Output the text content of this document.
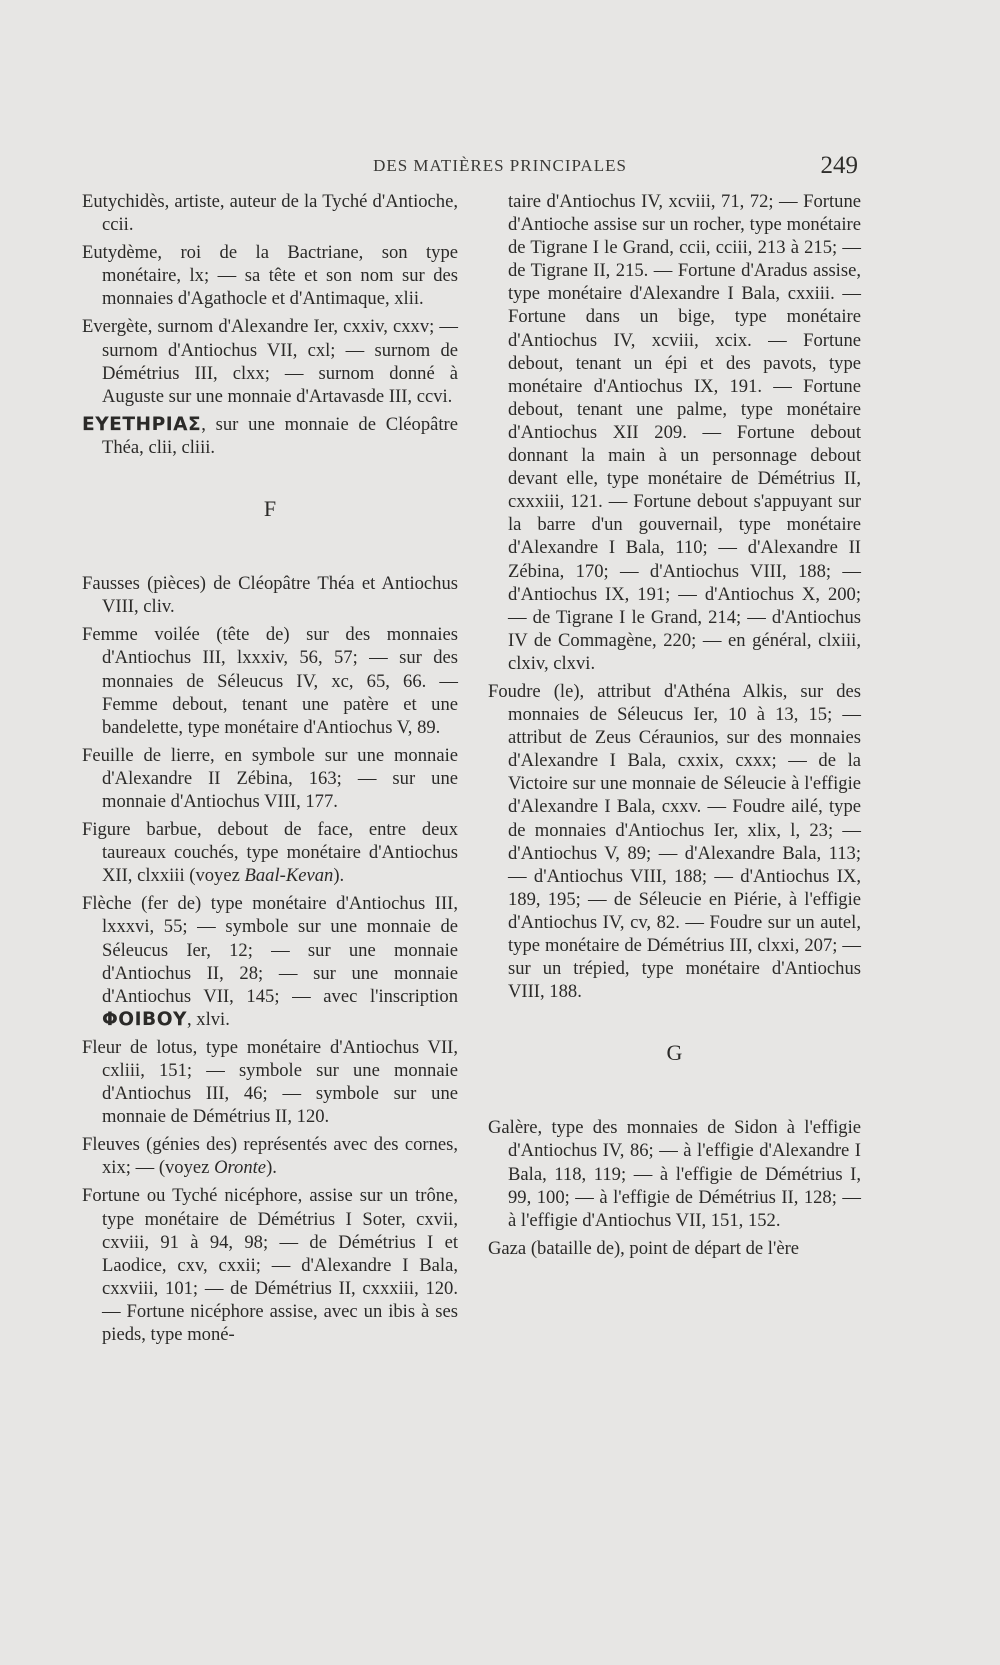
DES MATIÈRES PRINCIPALES	249

Eutychidès, artiste, auteur de la Tyché d'Antioche, ccii.

Eutydème, roi de la Bactriane, son type monétaire, lx; — sa tête et son nom sur des monnaies d'Agathocle et d'Antimaque, xlii.

Evergète, surnom d'Alexandre Ier, cxxiv, cxxv; — surnom d'Antiochus VII, cxl; — surnom de Démétrius III, clxx; — surnom donné à Auguste sur une monnaie d'Artavasde III, ccvi.

ΕΥΕΤΗΡΙΑΣ, sur une monnaie de Cléopâtre Théa, clii, cliii.

F

Fausses (pièces) de Cléopâtre Théa et Antiochus VIII, cliv.

Femme voilée (tête de) sur des monnaies d'Antiochus III, lxxxiv, 56, 57; — sur des monnaies de Séleucus IV, xc, 65, 66. — Femme debout, tenant une patère et une bandelette, type monétaire d'Antiochus V, 89.

Feuille de lierre, en symbole sur une monnaie d'Alexandre II Zébina, 163; — sur une monnaie d'Antiochus VIII, 177.

Figure barbue, debout de face, entre deux taureaux couchés, type monétaire d'Antiochus XII, clxxiii (voyez Baal-Kevan).

Flèche (fer de) type monétaire d'Antiochus III, lxxxvi, 55; — symbole sur une monnaie de Séleucus Ier, 12; — sur une monnaie d'Antiochus II, 28; — sur une monnaie d'Antiochus VII, 145; — avec l'inscription ΦΟΙΒΟΥ, xlvi.

Fleur de lotus, type monétaire d'Antiochus VII, cxliii, 151; — symbole sur une monnaie d'Antiochus III, 46; — symbole sur une monnaie de Démétrius II, 120.

Fleuves (génies des) représentés avec des cornes, xix; — (voyez Oronte).

Fortune ou Tyché nicéphore, assise sur un trône, type monétaire de Démétrius I Soter, cxvii, cxviii, 91 à 94, 98; — de Démétrius I et Laodice, cxv, cxxii; — d'Alexandre I Bala, cxxviii, 101; — de Démétrius II, cxxxiii, 120. — Fortune nicéphore assise, avec un ibis à ses pieds, type moné-

taire d'Antiochus IV, xcviii, 71, 72; — Fortune d'Antioche assise sur un rocher, type monétaire de Tigrane I le Grand, ccii, cciii, 213 à 215; — de Tigrane II, 215. — Fortune d'Aradus assise, type monétaire d'Alexandre I Bala, cxxiii. — Fortune dans un bige, type monétaire d'Antiochus IV, xcviii, xcix. — Fortune debout, tenant un épi et des pavots, type monétaire d'Antiochus IX, 191. — Fortune debout, tenant une palme, type monétaire d'Antiochus XII 209. — Fortune debout donnant la main à un personnage debout devant elle, type monétaire de Démétrius II, cxxxiii, 121. — Fortune debout s'appuyant sur la barre d'un gouvernail, type monétaire d'Alexandre I Bala, 110; — d'Alexandre II Zébina, 170; — d'Antiochus VIII, 188; — d'Antiochus IX, 191; — d'Antiochus X, 200; — de Tigrane I le Grand, 214; — d'Antiochus IV de Commagène, 220; — en général, clxiii, clxiv, clxvi.

Foudre (le), attribut d'Athéna Alkis, sur des monnaies de Séleucus Ier, 10 à 13, 15; — attribut de Zeus Céraunios, sur des monnaies d'Alexandre I Bala, cxxix, cxxx; — de la Victoire sur une monnaie de Séleucie à l'effigie d'Alexandre I Bala, cxxv. — Foudre ailé, type de monnaies d'Antiochus Ier, xlix, l, 23; — d'Antiochus V, 89; — d'Alexandre Bala, 113; — d'Antiochus VIII, 188; — d'Antiochus IX, 189, 195; — de Séleucie en Piérie, à l'effigie d'Antiochus IV, cv, 82. — Foudre sur un autel, type monétaire de Démétrius III, clxxi, 207; — sur un trépied, type monétaire d'Antiochus VIII, 188.

G

Galère, type des monnaies de Sidon à l'effigie d'Antiochus IV, 86; — à l'effigie d'Alexandre I Bala, 118, 119; — à l'effigie de Démétrius I, 99, 100; — à l'effigie de Démétrius II, 128; — à l'effigie d'Antiochus VII, 151, 152.

Gaza (bataille de), point de départ de l'ère
